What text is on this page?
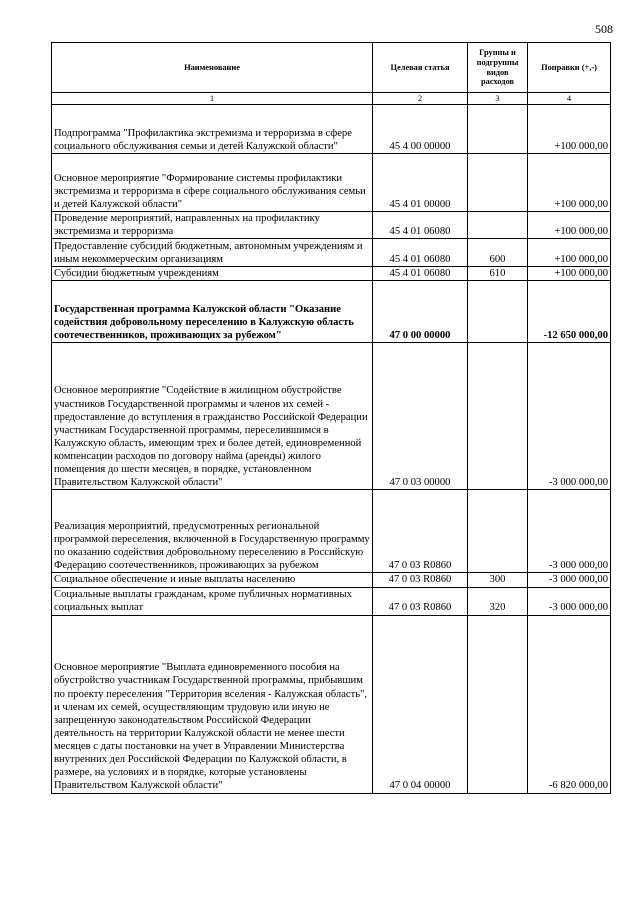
508
Наименование	Целевая статья	Группы и подгруппы видов расходов	Поправки (+,-)
1	2	3	4
Подпрограмма "Профилактика экстремизма и терроризма в сфере социального обслуживания семьи и детей Калужской области"	45 4 00 00000		+100 000,00
Основное мероприятие "Формирование системы профилактики экстремизма и терроризма в сфере социального обслуживания семьи и детей Калужской области"	45 4 01 00000		+100 000,00
Проведение мероприятий, направленных на профилактику экстремизма и терроризма	45 4 01 06080		+100 000,00
Предоставление субсидий бюджетным, автономным учреждениям и иным некоммерческим организациям	45 4 01 06080	600	+100 000,00
Субсидии бюджетным учреждениям	45 4 01 06080	610	+100 000,00
Государственная программа Калужской области "Оказание содействия добровольному переселению в Калужскую область соотечественников, проживающих за рубежом"	47 0 00 00000		-12 650 000,00
Основное мероприятие "Содействие в жилищном обустройстве участников Государственной программы и членов их семей - предоставление до вступления в гражданство Российской Федерации участникам Государственной программы, переселившимся в Калужскую область, имеющим трех и более детей, единовременной компенсации расходов по договору найма (аренды) жилого помещения до шести месяцев, в порядке, установленном Правительством Калужской области"	47 0 03 00000		-3 000 000,00
Реализация мероприятий, предусмотренных региональной программой переселения, включенной в Государственную программу по оказанию содействия добровольному переселению в Российскую Федерацию соотечественников, проживающих за рубежом	47 0 03 R0860		-3 000 000,00
Социальное обеспечение и иные выплаты населению	47 0 03 R0860	300	-3 000 000,00
Социальные выплаты гражданам, кроме публичных нормативных социальных выплат	47 0 03 R0860	320	-3 000 000,00
Основное мероприятие "Выплата единовременного пособия на обустройство участникам Государственной программы, прибывшим по проекту переселения "Территория вселения - Калужская область", и членам их семей, осуществляющим трудовую или иную не запрещенную законодательством Российской Федерации деятельность на территории Калужской области не менее шести месяцев с даты постановки на учет в Управлении Министерства внутренних дел Российской Федерации по Калужской области, в размере, на условиях и в порядке, которые установлены Правительством Калужской области"	47 0 04 00000		-6 820 000,00
